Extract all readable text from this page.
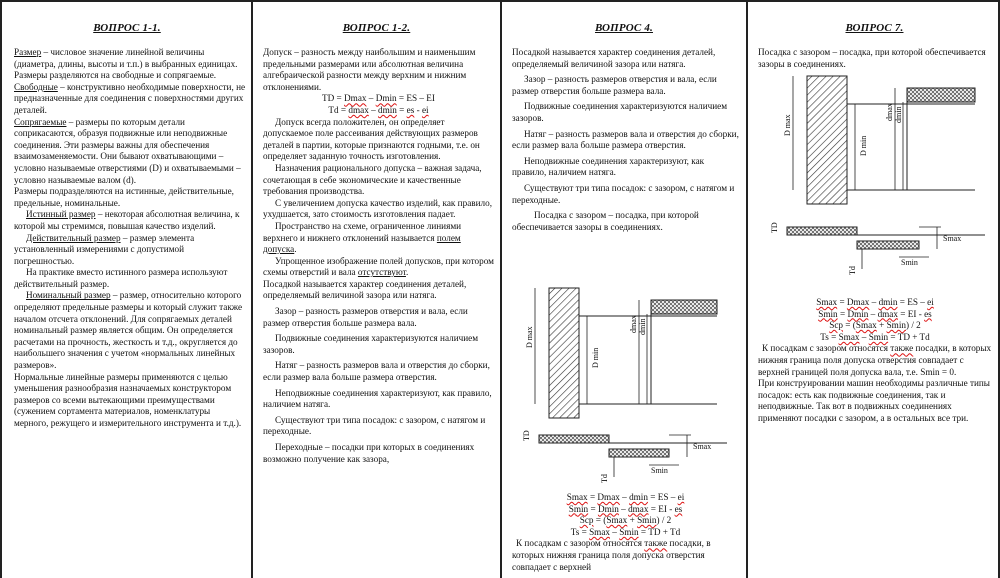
ВОПРОС 1-1.

Размер – числовое значение линейной величины (диаметра, длины, высоты и т.п.) в выбранных единицах.

Размеры разделяются на свободные и сопрягаемые.

Свободные – конструктивно необходимые поверхности, не предназначенные для соединения с поверхностями других деталей.

Сопрягаемые – размеры по которым детали соприкасаются, образуя подвижные или неподвижные соединения. Эти размеры важны для обеспечения взаимозаменяемости. Они бывают охватывающими – условно называемые отверстиями (D) и охватываемыми – условно называемые валом (d).

Размеры подразделяются на истинные, действительные, предельные, номинальные.

Истинный размер – некоторая абсолютная величина, к которой мы стремимся, повышая качество изделий.

Действительный размер – размер элемента установленный измерениями с допустимой погрешностью.

На практике вместо истинного размера используют действительный размер.

Номинальный размер – размер, относительно которого определяют предельные размеры и который служит также началом отсчета отклонений. Для сопрягаемых деталей номинальный размер является общим. Он определяется расчетами на прочность, жесткость и т.д., округляется до наибольшего значения с учетом «нормальных линейных размеров».

Нормальные линейные размеры применяются с целью уменьшения разнообразия назначаемых конструктором размеров со всеми вытекающими преимуществами (сужением сортамента материалов, номенклатуры мерного, режущего и измерительного инструмента и т.д.).

ВОПРОС 1-2.

Допуск – разность между наибольшим и наименьшим предельными размерами или абсолютная величина алгебраической разности между верхним и нижним отклонениями.

TD = Dmax – Dmin = ES – EI

Td = dmax – dmin = es - ei

Допуск всегда положителен, он определяет допускаемое поле рассеивания действующих размеров деталей в партии, которые признаются годными, т.е. он определяет заданную точность изготовления.

Назначения рационального допуска – важная задача, сочетающая в себе экономические и качественные требования производства.

С увеличением допуска качество изделий, как правило, ухудшается, зато стоимость изготовления падает.

Пространство на схеме, ограниченное линиями верхнего и нижнего отклонений называется полем допуска.

Упрощенное изображение полей допусков, при котором схемы отверстий и вала отсутствуют.

Посадкой называется характер соединения деталей, определяемый величиной зазора или натяга.

Зазор – разность размеров отверстия и вала, если размер отверстия больше размера вала.

Подвижные соединения характеризуются наличием зазоров.

Натяг – разность размеров вала и отверстия до сборки, если размер вала больше размера отверстия.

Неподвижные соединения характеризуют, как правило, наличием натяга.

Существуют три типа посадок: с зазором, с натягом и переходные.

Переходные – посадки при которых в соединениях возможно получение как зазора,

ВОПРОС 4.

Посадкой называется характер соединения деталей, определяемый величиной зазора или натяга.

Зазор – разность размеров отверстия и вала, если размер отверстия больше размера вала.

Подвижные соединения характеризуются наличием зазоров.

Натяг – разность размеров вала и отверстия до сборки, если размер вала больше размера отверстия.

Неподвижные соединения характеризуют, как правило, наличием натяга.

Существуют три типа посадок: с зазором, с натягом и переходные.

Посадка с зазором – посадка, при которой обеспечивается зазоры в соединениях.

D max
D min
dmax dmin
Smax
Smin
TD
Td

Smax = Dmax – dmin = ES – ei

Smin = Dmin – dmax = EI - es

Scp = (Smax + Smin) / 2

Ts = Smax – Smin = TD + Td

К посадкам с зазором относятся также посадки, в которых нижняя граница поля допуска отверстия совпадает с верхней

ВОПРОС 7.

Посадка с зазором – посадка, при которой обеспечивается зазоры в соединениях.

D max
D min
dmax dmin
Smax
Smin
TD
Td

Smax = Dmax – dmin = ES – ei

Smin = Dmin – dmax = EI - es

Scp = (Smax + Smin) / 2

Ts = Smax – Smin = TD + Td

К посадкам с зазором относятся также посадки, в которых нижняя граница поля допуска отверстия совпадает с верхней границей поля допуска вала, т.е. Smin = 0.

При конструировании машин необходимы различные типы посадок: есть как подвижные соединения, так и неподвижные. Так вот в подвижных соединениях применяют посадки с зазором, а в остальных все три.
